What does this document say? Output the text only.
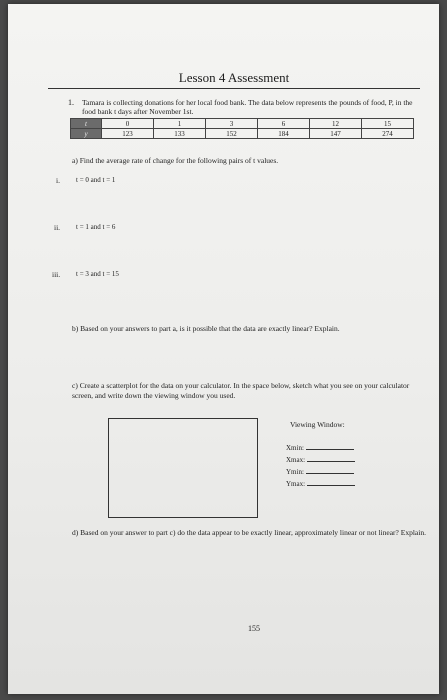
Lesson 4 Assessment
1. Tamara is collecting donations for her local food bank. The data below represents the pounds of food, P, in the food bank t days after November 1st.
t	0	1	3	6	12	15
y	123	133	152	184	147	274
a) Find the average rate of change for the following pairs of t values.
i. t = 0 and t = 1
ii. t = 1 and t = 6
iii. t = 3 and t = 15
b) Based on your answers to part a, is it possible that the data are exactly linear? Explain.
c) Create a scatterplot for the data on your calculator. In the space below, sketch what you see on your calculator screen, and write down the viewing window you used.
Viewing Window:
Xmin:
Xmax:
Ymin:
Ymax:
d) Based on your answer to part c) do the data appear to be exactly linear, approximately linear or not linear? Explain.
155
